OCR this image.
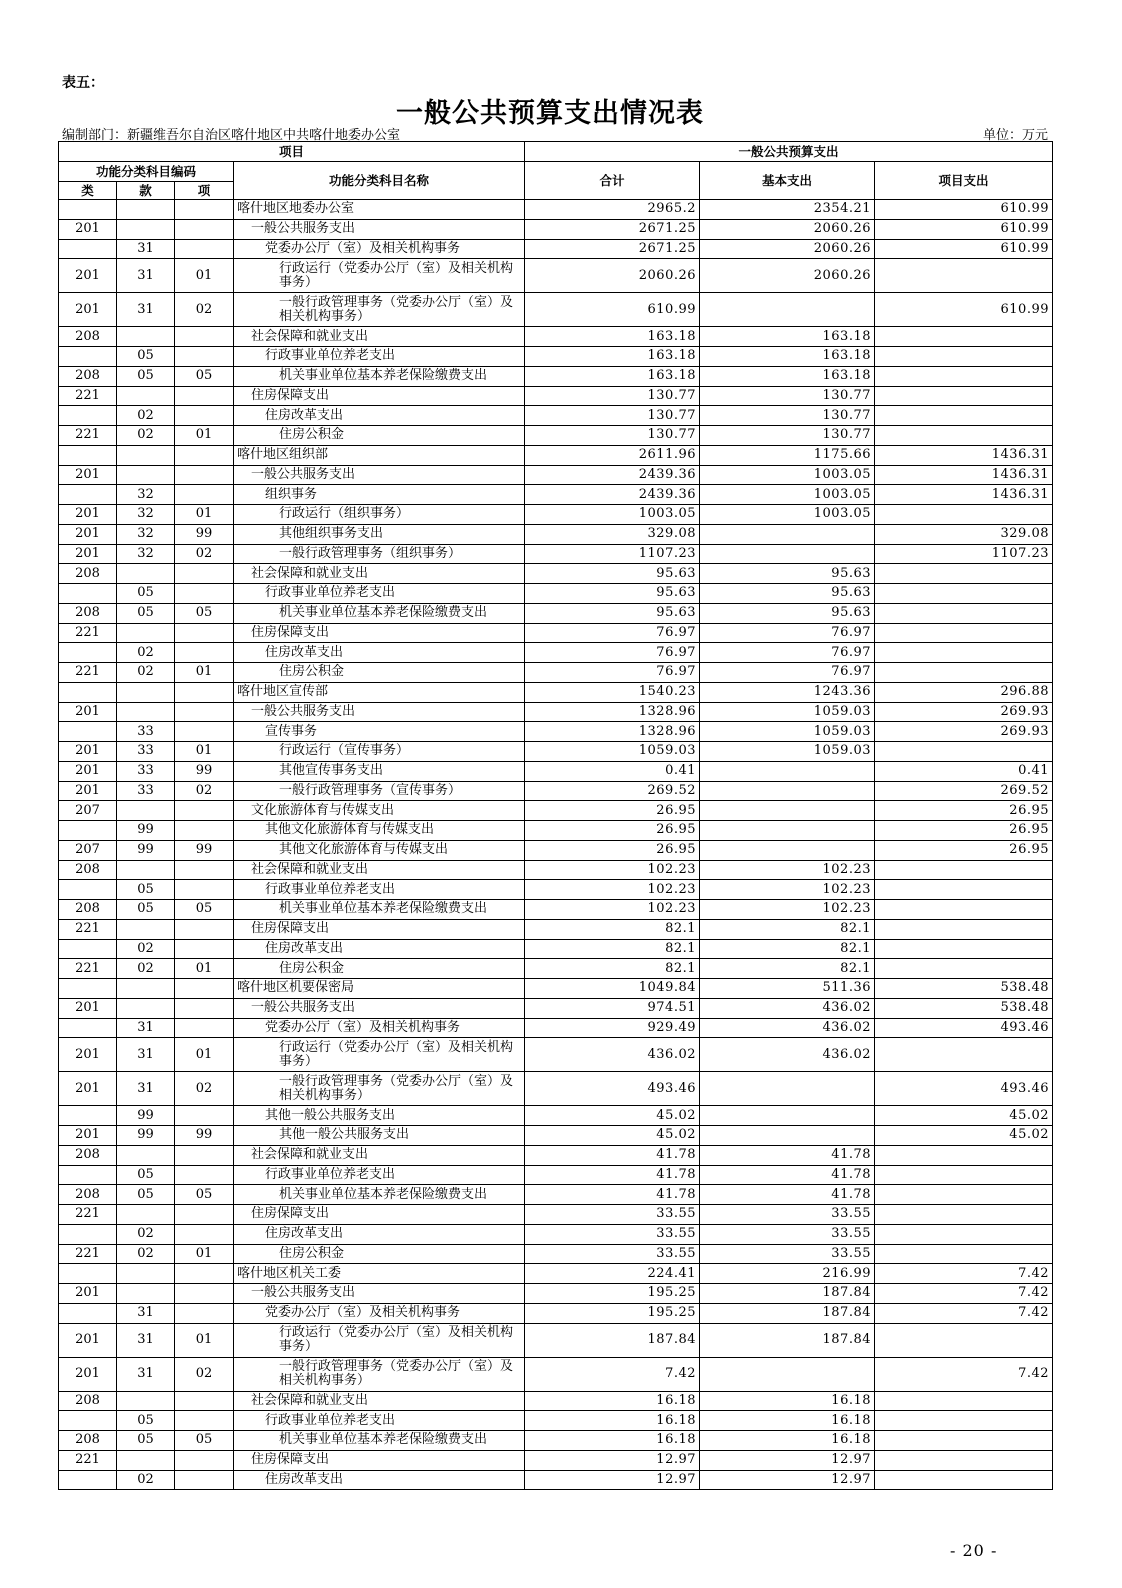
表五：
一般公共预算支出情况表
编制部门：新疆维吾尔自治区喀什地区中共喀什地委办公室	单位：万元
项目				一般公共预算支出		
功能分类科目编码			功能分类科目名称	合计	基本支出	项目支出
类	款	项				
			喀什地区地委办公室	2965.2	2354.21	610.99
201			一般公共服务支出	2671.25	2060.26	610.99
	31		党委办公厅（室）及相关机构事务	2671.25	2060.26	610.99
201	31	01	行政运行（党委办公厅（室）及相关机构事务）	2060.26	2060.26	
201	31	02	一般行政管理事务（党委办公厅（室）及相关机构事务）	610.99		610.99
208			社会保障和就业支出	163.18	163.18	
	05		行政事业单位养老支出	163.18	163.18	
208	05	05	机关事业单位基本养老保险缴费支出	163.18	163.18	
221			住房保障支出	130.77	130.77	
	02		住房改革支出	130.77	130.77	
221	02	01	住房公积金	130.77	130.77	
			喀什地区组织部	2611.96	1175.66	1436.31
201			一般公共服务支出	2439.36	1003.05	1436.31
	32		组织事务	2439.36	1003.05	1436.31
201	32	01	行政运行（组织事务）	1003.05	1003.05	
201	32	99	其他组织事务支出	329.08		329.08
201	32	02	一般行政管理事务（组织事务）	1107.23		1107.23
208			社会保障和就业支出	95.63	95.63	
	05		行政事业单位养老支出	95.63	95.63	
208	05	05	机关事业单位基本养老保险缴费支出	95.63	95.63	
221			住房保障支出	76.97	76.97	
	02		住房改革支出	76.97	76.97	
221	02	01	住房公积金	76.97	76.97	
			喀什地区宣传部	1540.23	1243.36	296.88
201			一般公共服务支出	1328.96	1059.03	269.93
	33		宣传事务	1328.96	1059.03	269.93
201	33	01	行政运行（宣传事务）	1059.03	1059.03	
201	33	99	其他宣传事务支出	0.41		0.41
201	33	02	一般行政管理事务（宣传事务）	269.52		269.52
207			文化旅游体育与传媒支出	26.95		26.95
	99		其他文化旅游体育与传媒支出	26.95		26.95
207	99	99	其他文化旅游体育与传媒支出	26.95		26.95
208			社会保障和就业支出	102.23	102.23	
	05		行政事业单位养老支出	102.23	102.23	
208	05	05	机关事业单位基本养老保险缴费支出	102.23	102.23	
221			住房保障支出	82.1	82.1	
	02		住房改革支出	82.1	82.1	
221	02	01	住房公积金	82.1	82.1	
			喀什地区机要保密局	1049.84	511.36	538.48
201			一般公共服务支出	974.51	436.02	538.48
	31		党委办公厅（室）及相关机构事务	929.49	436.02	493.46
201	31	01	行政运行（党委办公厅（室）及相关机构事务）	436.02	436.02	
201	31	02	一般行政管理事务（党委办公厅（室）及相关机构事务）	493.46		493.46
	99		其他一般公共服务支出	45.02		45.02
201	99	99	其他一般公共服务支出	45.02		45.02
208			社会保障和就业支出	41.78	41.78	
	05		行政事业单位养老支出	41.78	41.78	
208	05	05	机关事业单位基本养老保险缴费支出	41.78	41.78	
221			住房保障支出	33.55	33.55	
	02		住房改革支出	33.55	33.55	
221	02	01	住房公积金	33.55	33.55	
			喀什地区机关工委	224.41	216.99	7.42
201			一般公共服务支出	195.25	187.84	7.42
	31		党委办公厅（室）及相关机构事务	195.25	187.84	7.42
201	31	01	行政运行（党委办公厅（室）及相关机构事务）	187.84	187.84	
201	31	02	一般行政管理事务（党委办公厅（室）及相关机构事务）	7.42		7.42
208			社会保障和就业支出	16.18	16.18	
	05		行政事业单位养老支出	16.18	16.18	
208	05	05	机关事业单位基本养老保险缴费支出	16.18	16.18	
221			住房保障支出	12.97	12.97	
	02		住房改革支出	12.97	12.97	
- 20 -
